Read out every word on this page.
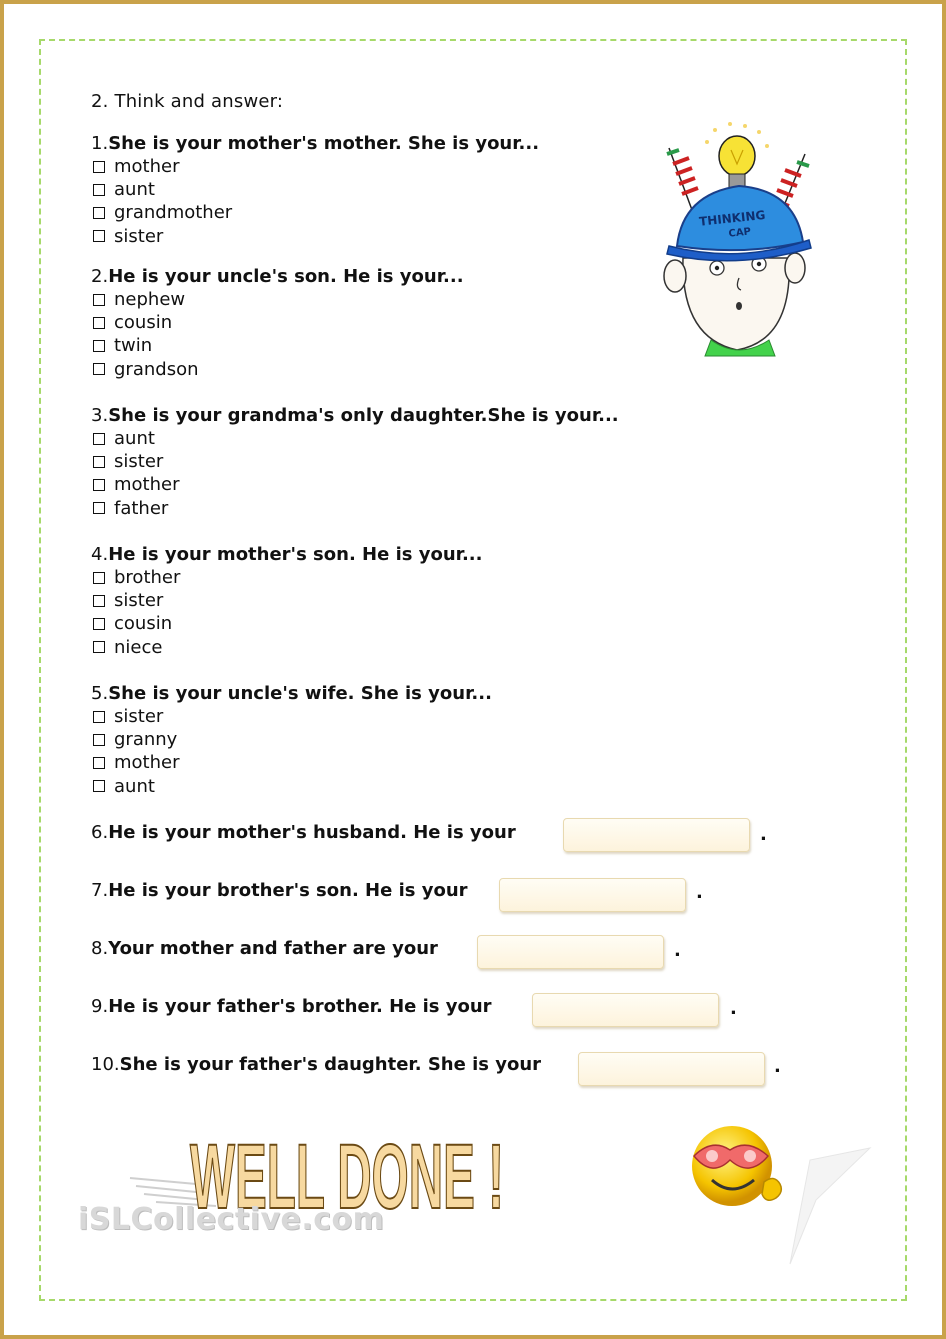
2. Think and answer:

1.She is your mother's mother. She is your...

mother
aunt
grandmother
sister

2.He is your uncle's son. He is your...

nephew
cousin
twin
grandson

3.She is your grandma's only daughter.She is your...

aunt
sister
mother
father

4.He is your mother's son. He is your...

brother
sister
cousin
niece

5.She is your uncle's wife. She is your...

sister
granny
mother
aunt
6.He is your mother's husband. He is your	.
7.He is your brother's son. He is your	.
8.Your mother and father are your	.
9.He is your father's brother. He is your	.
10.She is your father's daughter. She is your	.
THINKING
CAP
WELL DONE !
iSLCollective.com
